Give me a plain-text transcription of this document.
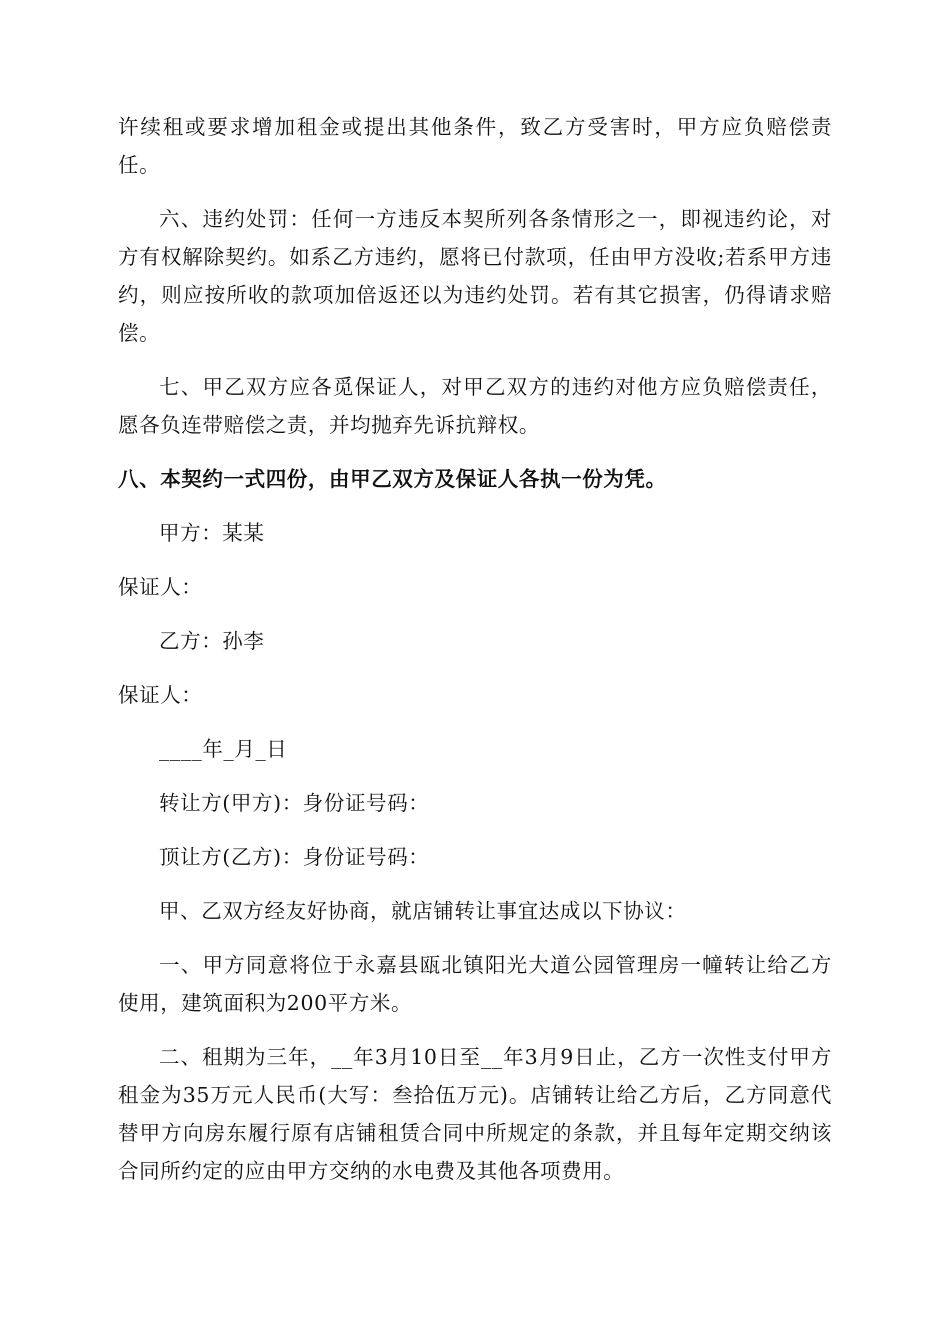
许续租或要求增加租金或提出其他条件，致乙方受害时，甲方应负赔偿责任。

六、违约处罚：任何一方违反本契所列各条情形之一，即视违约论，对方有权解除契约。如系乙方违约，愿将已付款项，任由甲方没收;若系甲方违约，则应按所收的款项加倍返还以为违约处罚。若有其它损害，仍得请求赔偿。

七、甲乙双方应各觅保证人，对甲乙双方的违约对他方应负赔偿责任，愿各负连带赔偿之责，并均抛弃先诉抗辩权。

八、本契约一式四份，由甲乙双方及保证人各执一份为凭。

甲方：某某

保证人：

乙方：孙李

保证人：

____年_月_日

转让方(甲方)：身份证号码：

顶让方(乙方)：身份证号码：

甲、乙双方经友好协商，就店铺转让事宜达成以下协议：

一、甲方同意将位于永嘉县瓯北镇阳光大道公园管理房一幢转让给乙方使用，建筑面积为200平方米。

二、租期为三年，__年3月10日至__年3月9日止，乙方一次性支付甲方租金为35万元人民币(大写：叁拾伍万元)。店铺转让给乙方后，乙方同意代替甲方向房东履行原有店铺租赁合同中所规定的条款，并且每年定期交纳该合同所约定的应由甲方交纳的水电费及其他各项费用。
